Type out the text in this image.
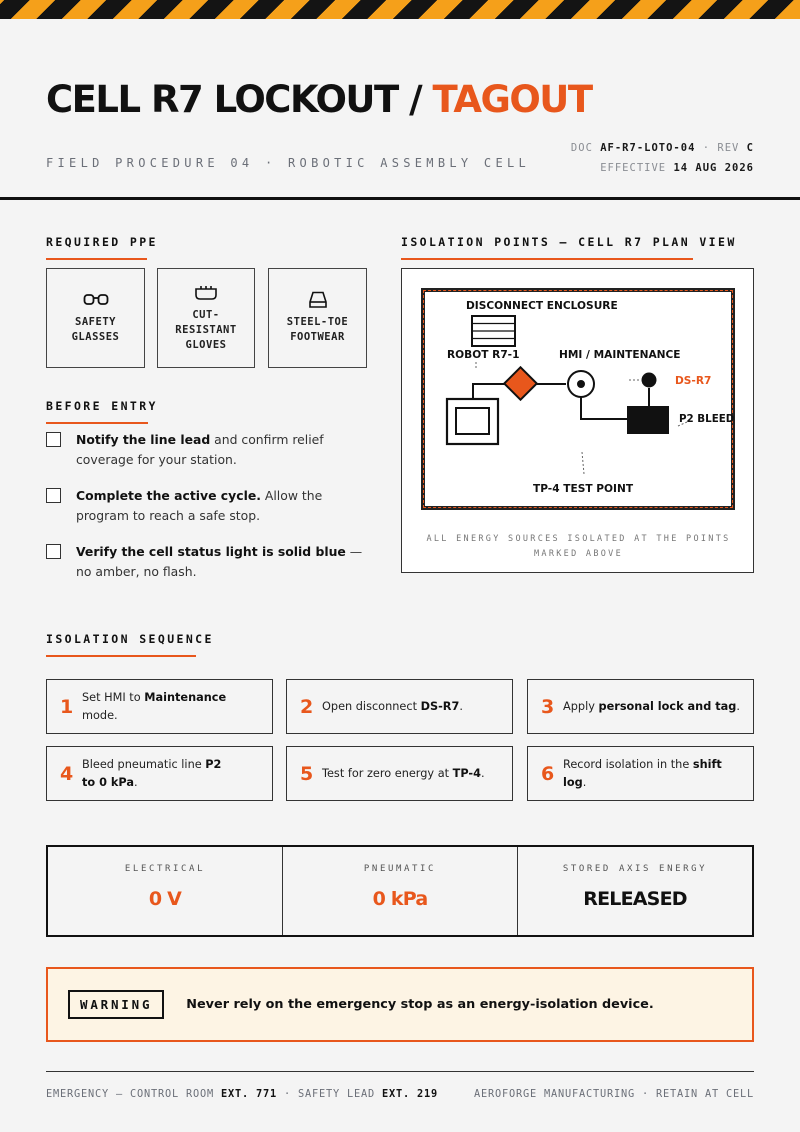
CELL R7 LOCKOUT / TAGOUT
FIELD PROCEDURE 04 · ROBOTIC ASSEMBLY CELL
DOC AF-R7-LOTO-04 · REV C
EFFECTIVE 14 AUG 2026
REQUIRED PPE
SAFETY GLASSES
CUT-RESISTANT GLOVES
STEEL-TOE FOOTWEAR
BEFORE ENTRY
Notify the line lead and confirm relief coverage for your station.
Complete the active cycle. Allow the program to reach a safe stop.
Verify the cell status light is solid blue — no amber, no flash.
ISOLATION POINTS — CELL R7 PLAN VIEW
DISCONNECT ENCLOSURE
ROBOT R7-1	HMI / MAINTENANCE
DS-R7
P2 BLEED
TP-4 TEST POINT
ALL ENERGY SOURCES ISOLATED AT THE POINTS MARKED ABOVE
ISOLATION SEQUENCE
1 Set HMI to Maintenance mode.	2 Open disconnect DS-R7.	3 Apply personal lock and tag.
4 Bleed pneumatic line P2 to 0 kPa.	5 Test for zero energy at TP-4.	6 Record isolation in the shift log.
ELECTRICAL
0 V
PNEUMATIC
0 kPa
STORED AXIS ENERGY
RELEASED
WARNING	Never rely on the emergency stop as an energy-isolation device.
EMERGENCY — CONTROL ROOM EXT. 771 · SAFETY LEAD EXT. 219	AEROFORGE MANUFACTURING · RETAIN AT CELL
